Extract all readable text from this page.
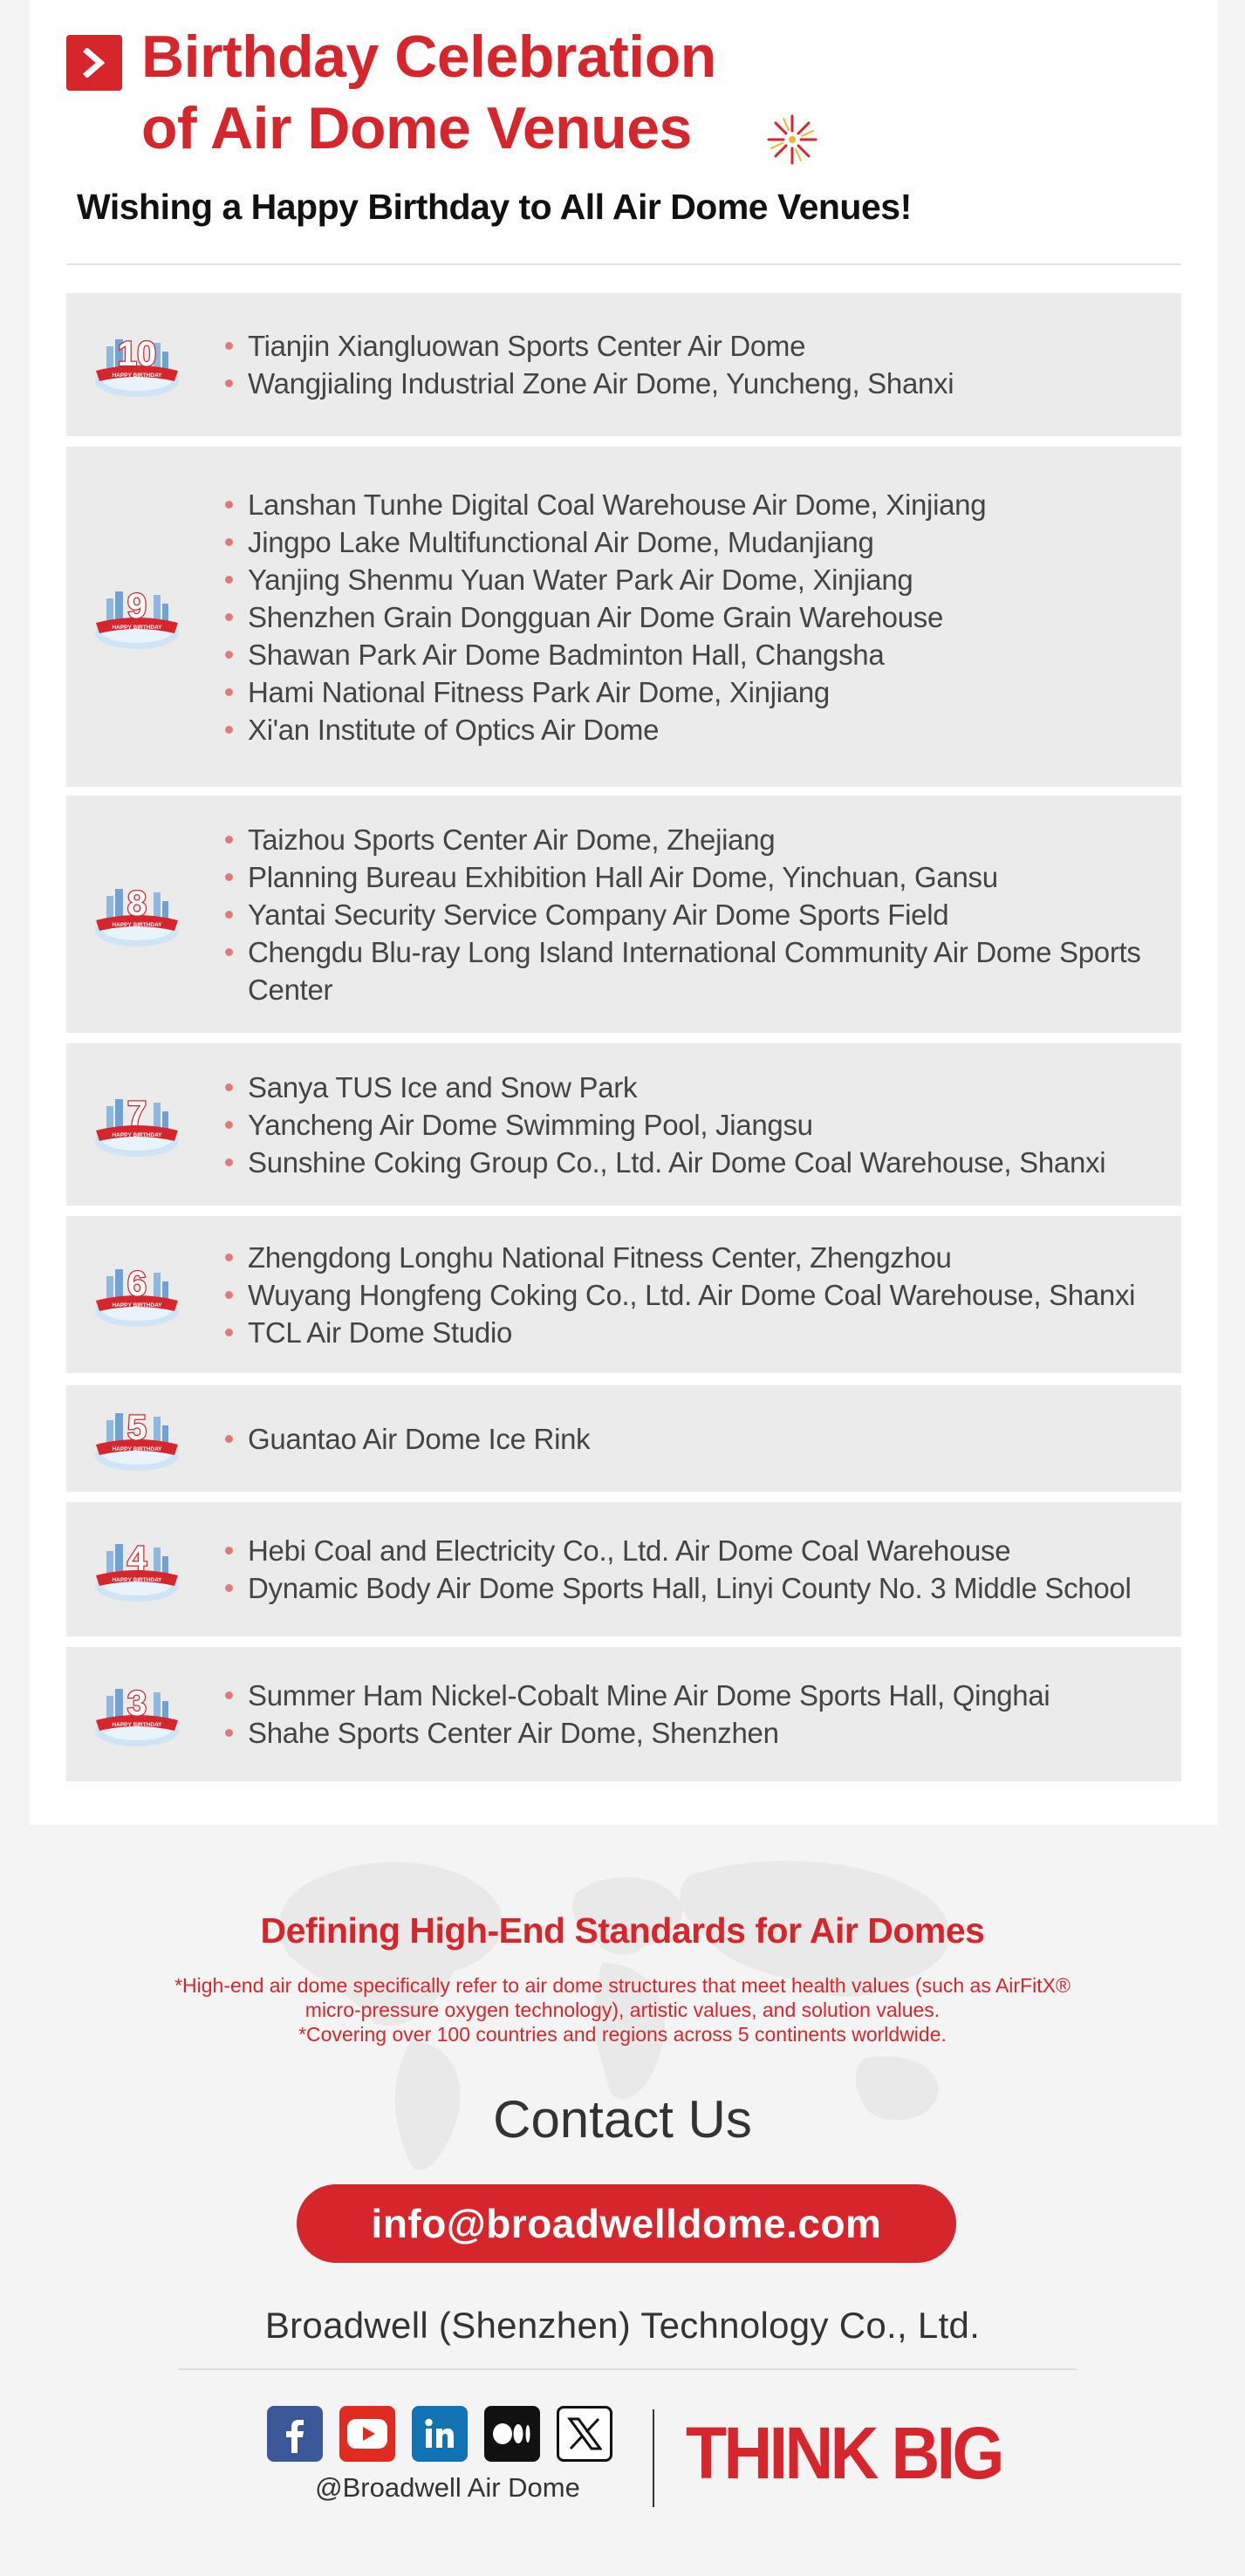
Birthday Celebration
of Air Dome Venues
Wishing a Happy Birthday to All Air Dome Venues!
HAPPY BIRTHDAY
10	Tianjin Xiangluowan Sports Center Air Dome
Wangjialing Industrial Zone Air Dome, Yuncheng, Shanxi
HAPPY BIRTHDAY
9
Lanshan Tunhe Digital Coal Warehouse Air Dome, Xinjiang
Jingpo Lake Multifunctional Air Dome, Mudanjiang
Yanjing Shenmu Yuan Water Park Air Dome, Xinjiang
Shenzhen Grain Dongguan Air Dome Grain Warehouse
Shawan Park Air Dome Badminton Hall, Changsha
Hami National Fitness Park Air Dome, Xinjiang
Xi'an Institute of Optics Air Dome
HAPPY BIRTHDAY
8
Taizhou Sports Center Air Dome, Zhejiang
Planning Bureau Exhibition Hall Air Dome, Yinchuan, Gansu
Yantai Security Service Company Air Dome Sports Field
Chengdu Blu-ray Long Island International Community Air Dome Sports Center
HAPPY BIRTHDAY
7
Sanya TUS Ice and Snow Park
Yancheng Air Dome Swimming Pool, Jiangsu
Sunshine Coking Group Co., Ltd. Air Dome Coal Warehouse, Shanxi
HAPPY BIRTHDAY
6
Zhengdong Longhu National Fitness Center, Zhengzhou
Wuyang Hongfeng Coking Co., Ltd. Air Dome Coal Warehouse, Shanxi
TCL Air Dome Studio
HAPPY BIRTHDAY
5	Guantao Air Dome Ice Rink
HAPPY BIRTHDAY
4	Hebi Coal and Electricity Co., Ltd. Air Dome Coal Warehouse
Dynamic Body Air Dome Sports Hall, Linyi County No. 3 Middle School
HAPPY BIRTHDAY
3	Summer Ham Nickel-Cobalt Mine Air Dome Sports Hall, Qinghai
Shahe Sports Center Air Dome, Shenzhen
Defining High-End Standards for Air Domes

*High-end air dome specifically refer to air dome structures that meet health values (such as AirFitX®

micro-pressure oxygen technology), artistic values, and solution values.

*Covering over 100 countries and regions across 5 continents worldwide.

Contact Us
info@broadwelldome.com

Broadwell (Shenzhen) Technology Co., Ltd.

@Broadwell Air Dome	THINK BIG
